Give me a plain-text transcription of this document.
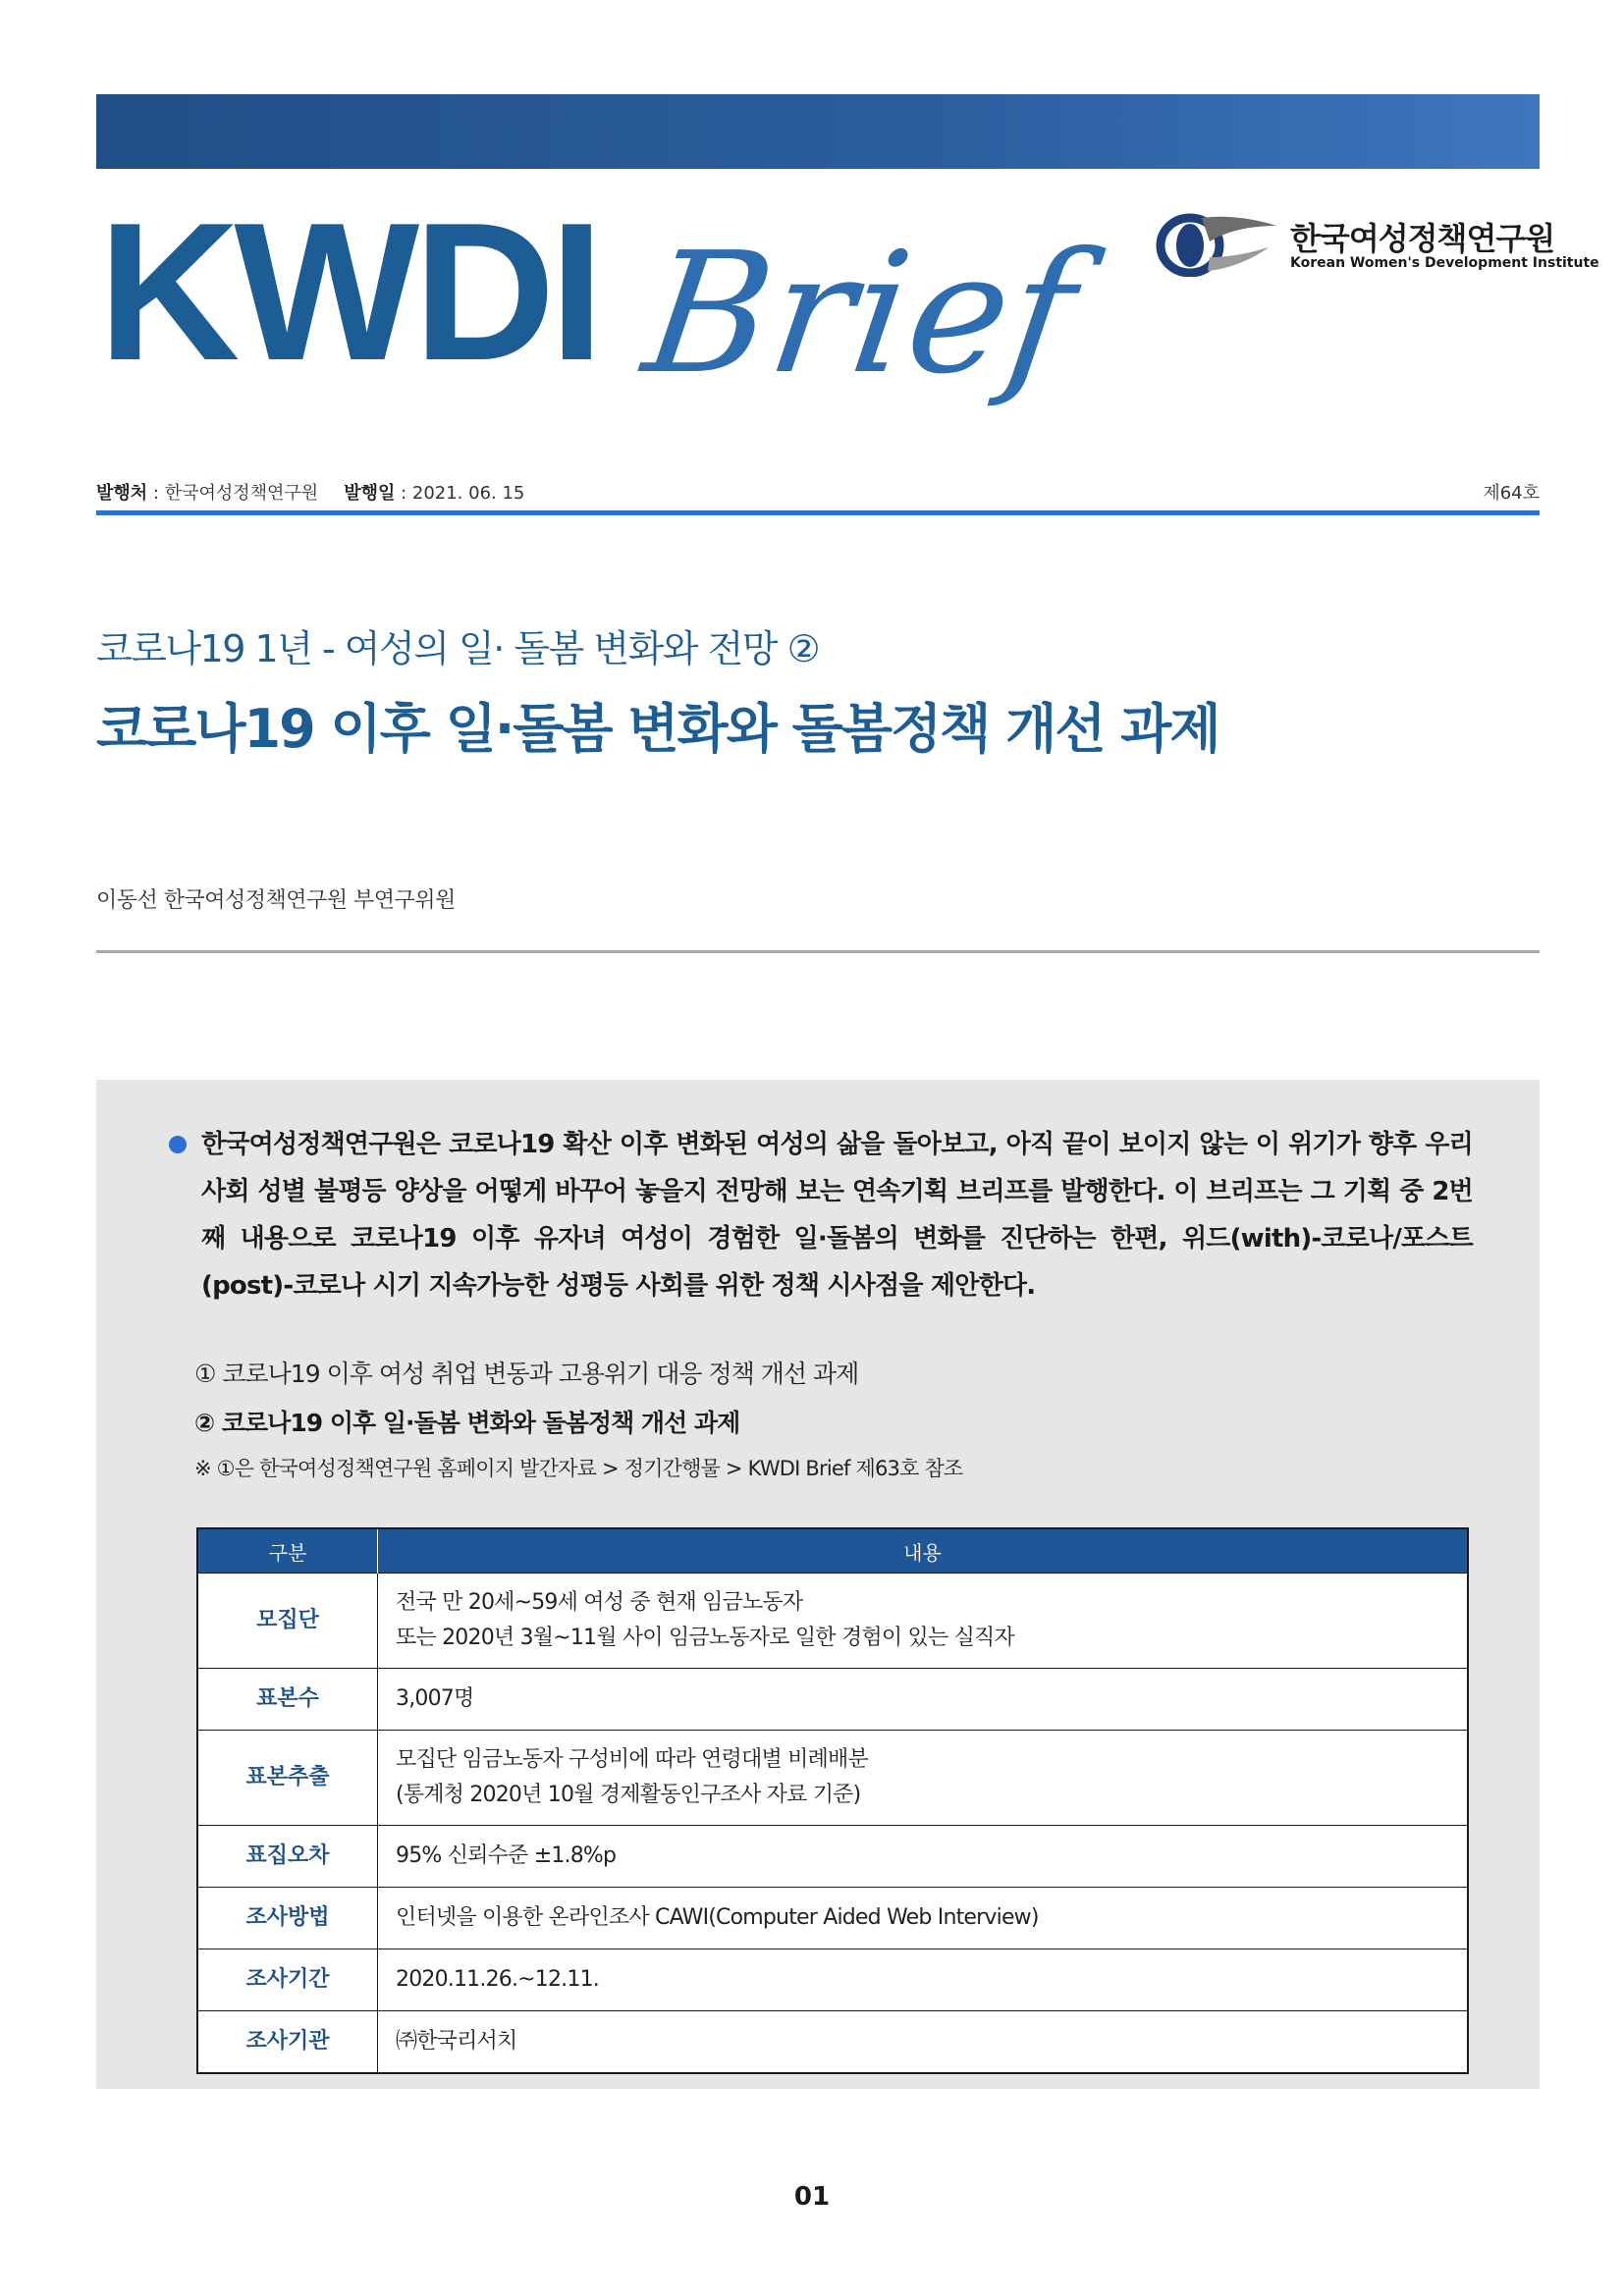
KWDI Brief	한국여성정책연구원
Korean Women's Development Institute
발행처 : 한국여성정책연구원 발행일 : 2021. 06. 15	제64호
코로나19 1년 - 여성의 일· 돌봄 변화와 전망 ②
코로나19 이후 일·돌봄 변화와 돌봄정책 개선 과제
이동선 한국여성정책연구원 부연구위원
한국여성정책연구원은 코로나19 확산 이후 변화된 여성의 삶을 돌아보고, 아직 끝이 보이지 않는 이 위기가 향후 우리사회 성별 불평등 양상을 어떻게 바꾸어 놓을지 전망해 보는 연속기획 브리프를 발행한다. 이 브리프는 그 기획 중 2번째 내용으로 코로나19 이후 유자녀 여성이 경험한 일·돌봄의 변화를 진단하는 한편, 위드(with)-코로나/포스트(post)-코로나 시기 지속가능한 성평등 사회를 위한 정책 시사점을 제안한다.
① 코로나19 이후 여성 취업 변동과 고용위기 대응 정책 개선 과제
② 코로나19 이후 일·돌봄 변화와 돌봄정책 개선 과제
※ ①은 한국여성정책연구원 홈페이지 발간자료 > 정기간행물 > KWDI Brief 제63호 참조
구분	내용
모집단	전국 만 20세~59세 여성 중 현재 임금노동자
또는 2020년 3월~11월 사이 임금노동자로 일한 경험이 있는 실직자

표본수	3,007명
표본추출	모집단 임금노동자 구성비에 따라 연령대별 비례배분
(통계청 2020년 10월 경제활동인구조사 자료 기준)

표집오차	95% 신뢰수준 ±1.8%p
조사방법	인터넷을 이용한 온라인조사 CAWI(Computer Aided Web Interview)
조사기간	2020.11.26.~12.11.
조사기관	㈜한국리서치
01
